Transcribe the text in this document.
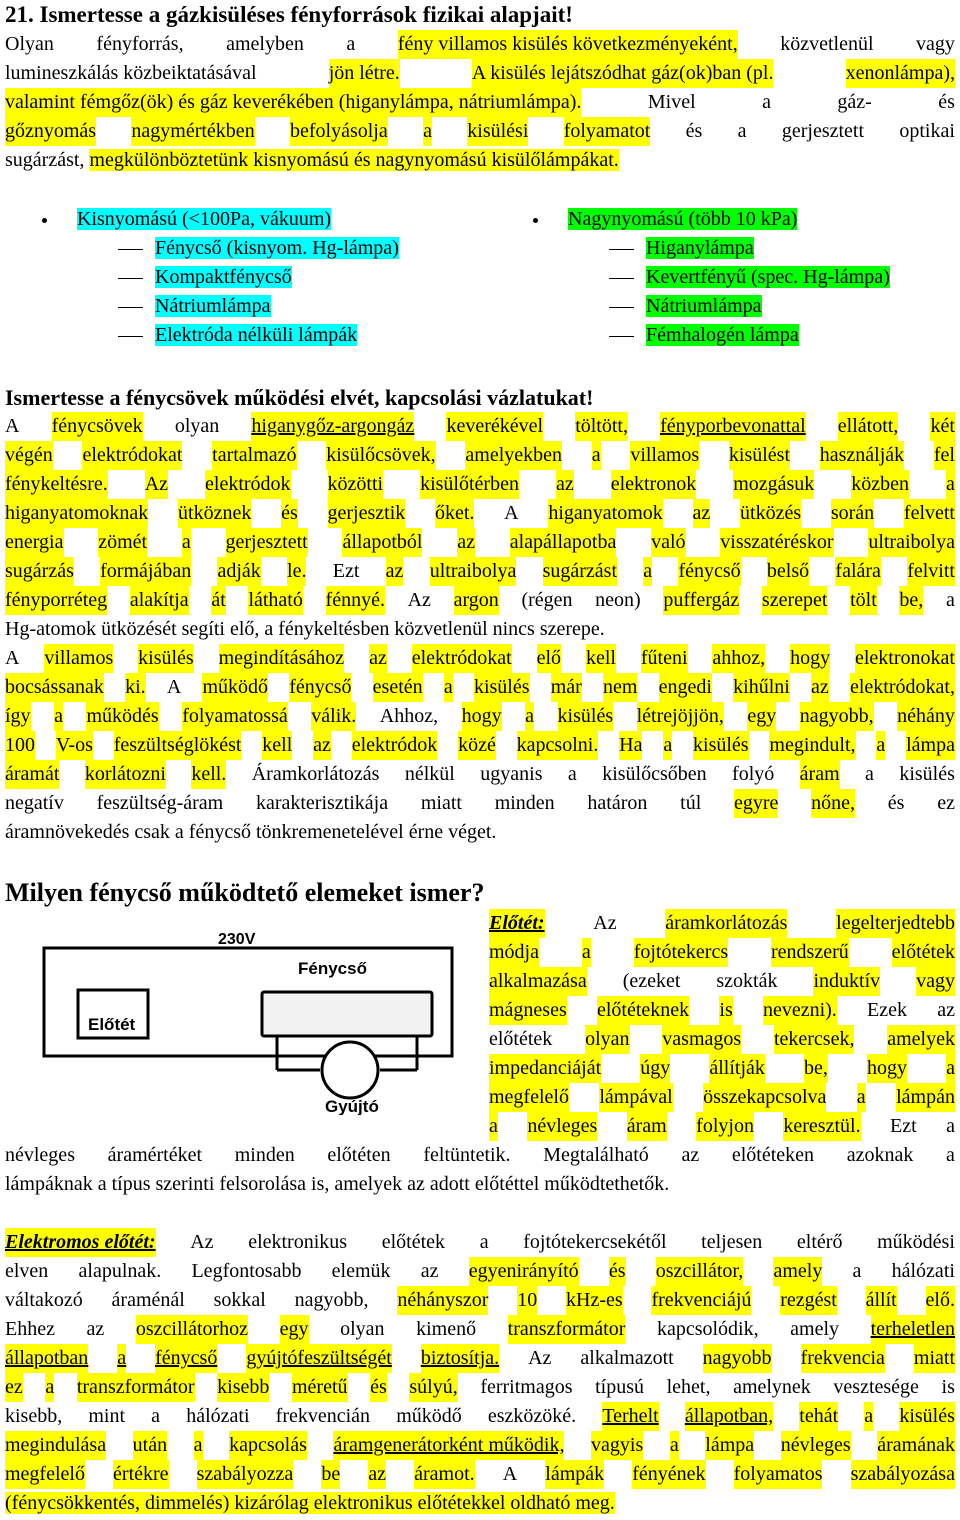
21. Ismertesse a gázkisüléses fényforrások fizikai alapjait!
Olyan fényforrás, amelyben a fény villamos kisülés következményeként, közvetlenül vagy
lumineszkálás közbeiktatásával	jön létre.	A kisülés lejátszódhat gáz(ok)ban (pl.	xenonlámpa),
valamint fémgőz(ök) és gáz keverékében (higanylámpa, nátriumlámpa).	Mivel	a	gáz-	és
gőznyomás nagymértékben befolyásolja a kisülési folyamatot és a gerjesztett optikai
sugárzást, megkülönböztetünk kisnyomású és nagynyomású kisülőlámpákat.
Kisnyomású (<100Pa, vákuum)
Fénycső (kisnyom. Hg-lámpa)
Kompaktfénycső
Nátriumlámpa
Elektróda nélküli lámpák
Nagynyomású (több 10 kPa)
Higanylámpa
Kevertfényű (spec. Hg-lámpa)
Nátriumlámpa
Fémhalogén lámpa
Ismertesse a fénycsövek működési elvét, kapcsolási vázlatukat!
A fénycsövek olyan higanygőz-argongáz keverékével töltött, fényporbevonattal ellátott, két
végén elektródokat tartalmazó kisülőcsövek, amelyekben a villamos kisülést használják fel
fénykeltésre. Az elektródok közötti kisülőtérben az elektronok mozgásuk közben a
higanyatomoknak ütköznek és gerjesztik őket. A higanyatomok az ütközés során felvett
energia zömét a gerjesztett állapotból az alapállapotba való visszatéréskor ultraibolya
sugárzás formájában adják le. Ezt az ultraibolya sugárzást a fénycső belső falára felvitt
fényporréteg alakítja át látható fénnyé. Az argon (régen neon) puffergáz szerepet tölt be, a
Hg-atomok ütközését segíti elő, a fénykeltésben közvetlenül nincs szerepe.
A villamos kisülés megindításához az elektródokat elő kell fűteni ahhoz, hogy elektronokat
bocsássanak ki. A működő fénycső esetén a kisülés már nem engedi kihűlni az elektródokat,
így a működés folyamatossá válik. Ahhoz, hogy a kisülés létrejöjjön, egy nagyobb, néhány
100 V-os feszültséglökést kell az elektródok közé kapcsolni. Ha a kisülés megindult, a lámpa
áramát korlátozni kell. Áramkorlátozás nélkül ugyanis a kisülőcsőben folyó áram a kisülés
negatív feszültség-áram karakterisztikája miatt minden határon túl egyre nőne, és ez
áramnövekedés csak a fénycső tönkremenetelével érne véget.
Milyen fénycső működtető elemeket ismer?
230V
Fénycső
Előtét
Gyújtó
Előtét: Az áramkorlátozás legelterjedtebb
módja a fojtótekercs rendszerű előtétek
alkalmazása (ezeket szokták induktív vagy
mágneses előtéteknek is nevezni). Ezek az
előtétek olyan vasmagos tekercsek, amelyek
impedanciáját úgy állítják be, hogy a
megfelelő lámpával összekapcsolva a lámpán
a névleges áram folyjon keresztül. Ezt a
névleges áramértéket minden előtéten feltüntetik. Megtalálható az előtéteken azoknak a
lámpáknak a típus szerinti felsorolása is, amelyek az adott előtéttel működtethetők.
Elektromos előtét: Az elektronikus előtétek a fojtótekercsekétől teljesen eltérő működési
elven alapulnak. Legfontosabb elemük az egyenirányító és oszcillátor, amely a hálózati
váltakozó áraménál sokkal nagyobb, néhányszor 10 kHz-es frekvenciájú rezgést állít elő.
Ehhez az oszcillátorhoz egy olyan kimenő transzformátor kapcsolódik, amely terheletlen
állapotban a fénycső gyújtófeszültségét biztosítja. Az alkalmazott nagyobb frekvencia miatt
ez a transzformátor kisebb méretű és súlyú, ferritmagos típusú lehet, amelynek vesztesége is
kisebb, mint a hálózati frekvencián működő eszközöké. Terhelt állapotban, tehát a kisülés
megindulása után a kapcsolás áramgenerátorként működik, vagyis a lámpa névleges áramának
megfelelő értékre szabályozza be az áramot. A lámpák fényének folyamatos szabályozása
(fénycsökkentés, dimmelés) kizárólag elektronikus előtétekkel oldható meg.
